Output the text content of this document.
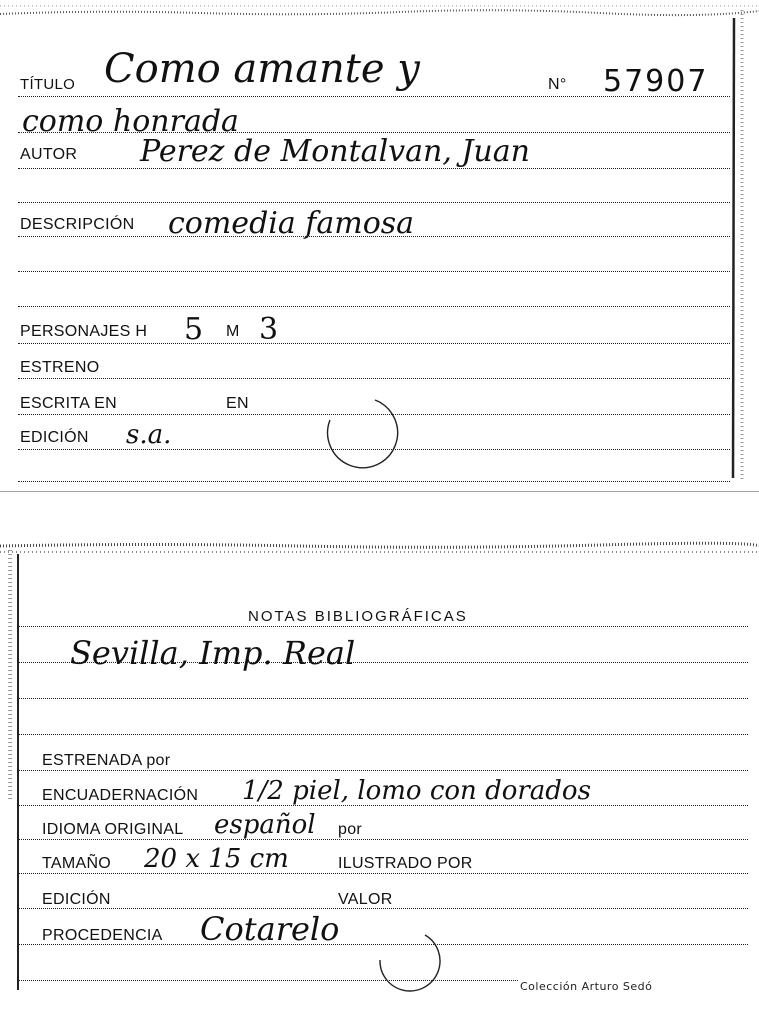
TÍTULO Como amante y	N° 57907
como honrada
AUTOR Perez de Montalvan, Juan
DESCRIPCIÓN comedia famosa
PERSONAJES H 5 M 3
ESTRENO
ESCRITA EN	EN
EDICIÓN s.a.
NOTAS BIBLIOGRÁFICAS
Sevilla, Imp. Real
ESTRENADA por
ENCUADERNACIÓN 1/2 piel, lomo con dorados
IDIOMA ORIGINAL español por
TAMAÑO 20 x 15 cm	ILUSTRADO POR
EDICIÓN	VALOR
PROCEDENCIA Cotarelo
Colección Arturo Sedó
